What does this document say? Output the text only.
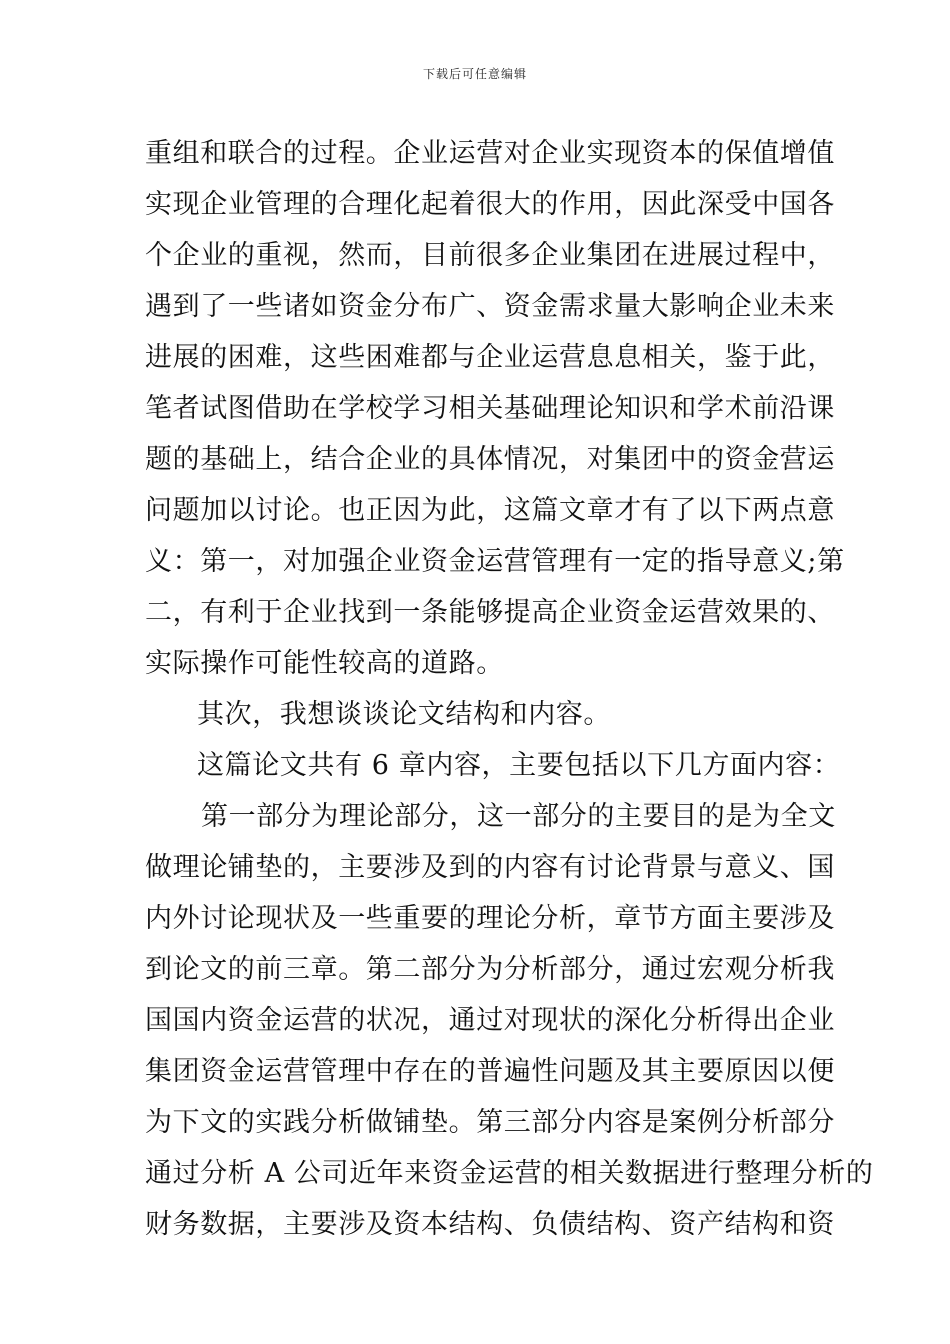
下载后可任意编辑
重组和联合的过程。企业运营对企业实现资本的保值增值
实现企业管理的合理化起着很大的作用，因此深受中国各
个企业的重视，然而，目前很多企业集团在进展过程中，
遇到了一些诸如资金分布广、资金需求量大影响企业未来
进展的困难，这些困难都与企业运营息息相关，鉴于此，
笔者试图借助在学校学习相关基础理论知识和学术前沿课
题的基础上，结合企业的具体情况，对集团中的资金营运
问题加以讨论。也正因为此，这篇文章才有了以下两点意
义：第一，对加强企业资金运营管理有一定的指导意义;第
二，有利于企业找到一条能够提高企业资金运营效果的、
实际操作可能性较高的道路。
其次，我想谈谈论文结构和内容。
这篇论文共有 6 章内容，主要包括以下几方面内容：
第一部分为理论部分，这一部分的主要目的是为全文
做理论铺垫的，主要涉及到的内容有讨论背景与意义、国
内外讨论现状及一些重要的理论分析，章节方面主要涉及
到论文的前三章。第二部分为分析部分，通过宏观分析我
国国内资金运营的状况，通过对现状的深化分析得出企业
集团资金运营管理中存在的普遍性问题及其主要原因以便
为下文的实践分析做铺垫。第三部分内容是案例分析部分
通过分析 A 公司近年来资金运营的相关数据进行整理分析的
财务数据，主要涉及资本结构、负债结构、资产结构和资
